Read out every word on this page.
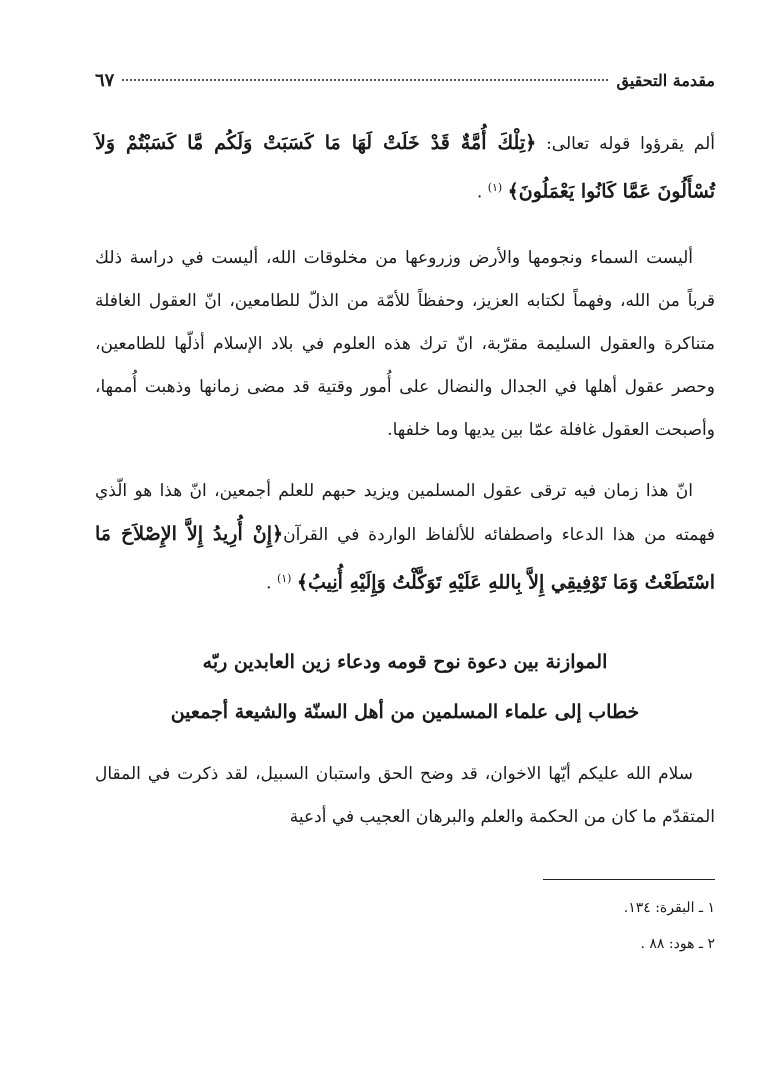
مقدمة التحقيق
٦٧

ألم يقرؤوا قوله تعالى: ﴿تِلْكَ أُمَّةٌ قَدْ خَلَتْ لَهَا مَا كَسَبَتْ وَلَكُم مَّا كَسَبْتُمْ وَلاَ تُسْأَلُونَ عَمَّا كَانُوا يَعْمَلُونَ﴾ $^{(١)}$ .

أليست السماء ونجومها والأرض وزروعها من مخلوقات الله، أليست في دراسة ذلك قرباً من الله، وفهماً لكتابه العزيز، وحفظاً للأمّة من الذلّ للطامعين، انّ العقول الغافلة متناكرة والعقول السليمة مقرّبة، انّ ترك هذه العلوم في بلاد الإسلام أذلّها للطامعين، وحصر عقول أهلها في الجدال والنضال على أُمور وقتية قد مضى زمانها وذهبت أُممها، وأصبحت العقول غافلة عمّا بين يديها وما خلفها.

انّ هذا زمان فيه ترقى عقول المسلمين ويزيد حبهم للعلم أجمعين، انّ هذا هو الّذي فهمته من هذا الدعاء واصطفائه للألفاظ الواردة في القرآن﴿إِنْ أُرِيدُ إِلاَّ الإِصْلاَحَ مَا اسْتَطَعْتُ وَمَا تَوْفِيقِي إِلاَّ بِاللهِ عَلَيْهِ تَوَكَّلْتُ وَإِلَيْهِ أُنِيبُ﴾ $^{(١)}$ .

الموازنة بين دعوة نوح قومه ودعاء زين العابدين ربّه
خطاب إلى علماء المسلمين من أهل السنّة والشيعة أجمعين

سلام الله عليكم أيّها الاخوان، قد وضح الحق واستبان السبيل، لقد ذكرت في المقال المتقدّم ما كان من الحكمة والعلم والبرهان العجيب في أدعية

١ ـ البقرة: ١٣٤.

٢ ـ هود: ٨٨ .
